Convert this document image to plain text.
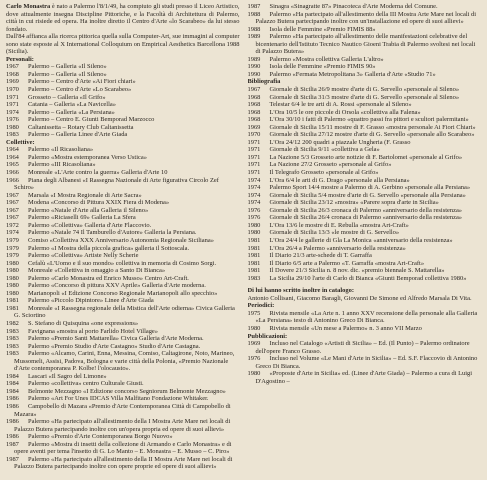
Carlo Monastra è nato a Palermo l'8/1/49, ha compiuto gli studi presso il Liceo Artistico, dove attualmente insegna Discipline Pittoriche, e la Facoltà di Architettura di Palermo, città in cui risiede ed opera. Ha inoltre diretto il Centro d'Arte «lo Scarabeo» da lui stesso fondato.

Dall'84 affianca alla ricerca pittorica quella sulla Computer-Art, sue immagini al computer sono state esposte al X International Colloquium on Empirical Aesthetics Barcellona 1988 (Sicilia).

Personali:

1967 Palermo – Galleria «Il Sileno»

1968 Palermo – Galleria «Il Sileno»

1969 Palermo – Centro d'Arte «Ai Fiori chiari»

1970 Palermo – Centro d'Arte «Lo Scarabeo»

1971 Grosseto – Galleria «Il Grifo»

1971 Catania – Galleria «La Navicella»

1974 Palermo – Galleria «La Persiana»

1976 Palermo – Centro E. Giunti Bemporad Marzocco

1980 Caltanissetta – Rotary Club Caltanissetta

1983 Palermo – Galleria Linee d'Arte Giada

Collettive:

1964 Palermo «Il Ricasoliana»

1964 Palermo «Mostra estemporanea Verso Ustica»

1965 Palermo «III Ricasoliana»

1966 Monreale «L'Arte contro la guerra» Galleria d'Arte 10

1966 Piana degli Albanesi «I Rassegna Nazionale di Arte figurativa Circolo Zef Schiro»

1967 Marsala «I Mostra Regionale di Arte Sacra»

1967 Modena «Concorso di Pittura XXIX Fiera di Modena»

1967 Palermo «Natale d'Arte alla Galleria il Sileno»

1967 Palermo «Riciaselli 69» Galleria La Sfera

1972 Palermo «Collettiva» Galleria d'Arte Flaccovio.

1974 Palermo «Natale 74 Il Tamburello d'Autore» Galleria la Persiana.

1979 Comiso «Collettiva XXX Anniversario Autonomia Regionale Siciliana»

1979 Palermo «I Mostra della piccola grafica» galleria il Sottoscala.

1979 Palermo «Collettiva» Artiste Nelly Scherie

1980 Cefalù «L'Uomo e il suo mondo» collettiva in memoria di Cosimo Sorgi.

1980 Monreale «Collettiva in omaggio a Santo Di Bianca»

1980 Palermo «Carlo Monastra ed Enrico Musso» Centro Art-Craft.

1980 Palermo «Concorso di pittura XXV Aprile» Galleria d'Arte moderna.

1980 Marianopoli «I Edizione Concorso Regionale Marianopoli allo specchio»

1981 Palermo «Piccolo Dipintore» Linee d'Arte Giada

1981 Monreale «I Rassegna regionale della Mistica dell'Arte odierna» Civica Galleria G. Sciortino

1982 S. Stefano di Quisquina «one expressions»

1983 Favignana «mostra al porto Farlido Hotel Village»

1983 Palermo «Premio Santi Mattarella» Civica Galleria d'Arte Moderna.

1983 Palermo «Premio Studio d'Arte Castagno» Studio d'Arte Castagna.

1983 Palermo «Alcamo, Carini, Enna, Messina, Comiso, Caltagirone, Noto, Marineo, Mussomeli, Assisi, Padova, Bologna e varie città della Polonia, «Premio Nazionale d'Arte contemporanea P. Kolbe! l'olocausto».

1984 Lascari «Il Sagro del Limone»

1984 Palermo «collettiva» centro Culturale Giusti.

1984 Belmonte Mezzagno «I Edizione concorso Segniorum Belmonte Mezzagno»

1986 Palermo «Art For Unes IDCAS Villa Malfitano Fondazione Whitaker.

1986 Campobello di Mazara «Premio d'Arte Contemporanea Città di Campobello di Mazara»

1986 Palermo «Ha partecipato all'allestimento della I Mostra Arte Mare nei locali di Palazzo Butera partecipando inoltre con un'opera propria ed opere di suoi allievi»

1986 Palermo «Premio d'Arte Contemporanea Borgo Nuovo»

1987 Palermo «Mostra di insetti della collezione di Armando e Carlo Monastra» e di opere aventi per tema l'insetto di G. Lo Manto – E. Monastra – E. Musso – C. Piro»

1987 Palermo «Ha partecipato all'allestimento della II Mostra Arte Mare nei locali di Palazzo Butera partecipando inoltre con opere proprie ed opere di suoi allievi»

1987 Sinagra «Sinagratte 87» Pinacoteca d'Arte Moderna del Comune.

1988 Palermo «Ha partecipato all'allestimento della III Mostra Arte Mare nei locali di Palazzo Butera partecipando inoltre con un'installazione ed opere di suoi allievi»

1988 Isola delle Femmine «Premio FIMIS 88»

1989 Palermo «Ha partecipato all'allestimento delle manifestazioni celebrative del bicentenario dell'Istituto Tecnico Nautico Gioeni Trabia di Palermo svoltesi nei locali di Palazzo Butera»

1989 Palermo «Mostra collettiva Galleria L'altro»

1990 Isola delle Femmine «Premio FIMIS 90»

1990 Palermo «Fermata Metropolitana 3» Galleria d'Arte «Studio 71»

Bibliografia

1967 Giornale di Sicilia 26/9 mostre d'arte di G. Servello «personale al Sileno»

1968 Giornale di Sicilia 31/3 mostre d'arte di G. Servello «personale al Sileno»

1968 Telestar 6/4 le tre arti di A. Rossi «personale al Sileno»

1968 L'Ora 10/5 le ore piccole di Orsola «collettiva alla Falena»

1968 L'Ora 30/10 i fatti di Palermo «quattro passi fra pittori e scultori palermitani»

1969 Giornale di Sicilia 15/11 mostre di F. Grasso «mostra personale Ai Fiori Chiari»

1970 Giornale di Sicilia 27/12 mostre d'arte di G. Servello «personale allo Scarabeo»

1971 L'Ora 24/12 200 quadri a piazzale Ungheria (F. Grasso

1971 Giornale di Sicilia 9/11 «collettiva a Gela»

1971 La Nazione 5/3 Grosseto arte notizie di F. Bartolomei «personale al Grifo»

1971 La Nazione 27/2 Grosseto «personale al Grifo»

1971 Il Telegrafo Grosseto «personale al Grifo»

1974 L'Ora 6/4 le arti di G. Drago «personale alla Persiana»

1974 Palermo Sport 14/4 mostre a Palermo di A. Gerbino «personale alla Persiana»

1974 Giornale di Sicilia 5/4 mostre d'arte di G. Servello «personale alla Persiana»

1974 Giornale di Sicilia 23/12 «mostra» «Parere sopra d'arte in Sicilia»

1976 Giornale di Sicilia 26/3 cronaca di Palermo «anniversario della resistenza»

1976 Giornale di Sicilia 26/4 cronaca di Palermo «anniversario della resistenza»

1980 L'Ora 13/6 le mostre di E. Rebulla «mostra Art-Craft»

1980 Giornale di Sicilia 13/3 «le mostre di G. Servello»

1981 L'Ora 24/4 le gallerie di Gla La Monica «anniversario della resistenza»

1981 L'Ora 26/4 a Palermo «anniversario della resistenza»

1981 Il Diario 21/3 arte-schede di T. Garraffa

1981 Il Diario 6/5 arte a Palermo «T. Garraffa «mostra Art-Craft»

1981 Il Dovere 21/3 Sicilia n. 8 nov. dic. «premio biennale S. Mattarella»

1983 La Sicilia 29/10 l'arte di Carlo di Bianca «Giunti Bemporad collettiva 1980»

Di lui hanno scritto inoltre in catalogo:

Antonio Collisani, Giacomo Baragli, Giovanni De Simone ed Alfredo Marsala Di Vita.

Periodici:

1975 Rivista mensile «La Arte n. 1 anno XXV recensione della personale alla Galleria «La Persiana» testo di Antonino Greco Di Bianca.

1980 Rivista mensile «Un mese a Palermo» n. 3 anno VII Marzo

Pubblicazioni:

1969 Incluso nel Catalogo «Artisti di Sicilia» – Ed. (Il Punto) – Palermo ordinatore dell'opere Franco Grasso.

1976 Incluso nel Volume «Le Mani d'Arte in Sicilia» – Ed. S.F. Flaccovio di Antonino Greco Di Bianca.

1980 «Proposte d'Arte in Sicilia» ed. (Linee d'Arte Giada) – Palermo a cura di Luigi D'Agostino –
